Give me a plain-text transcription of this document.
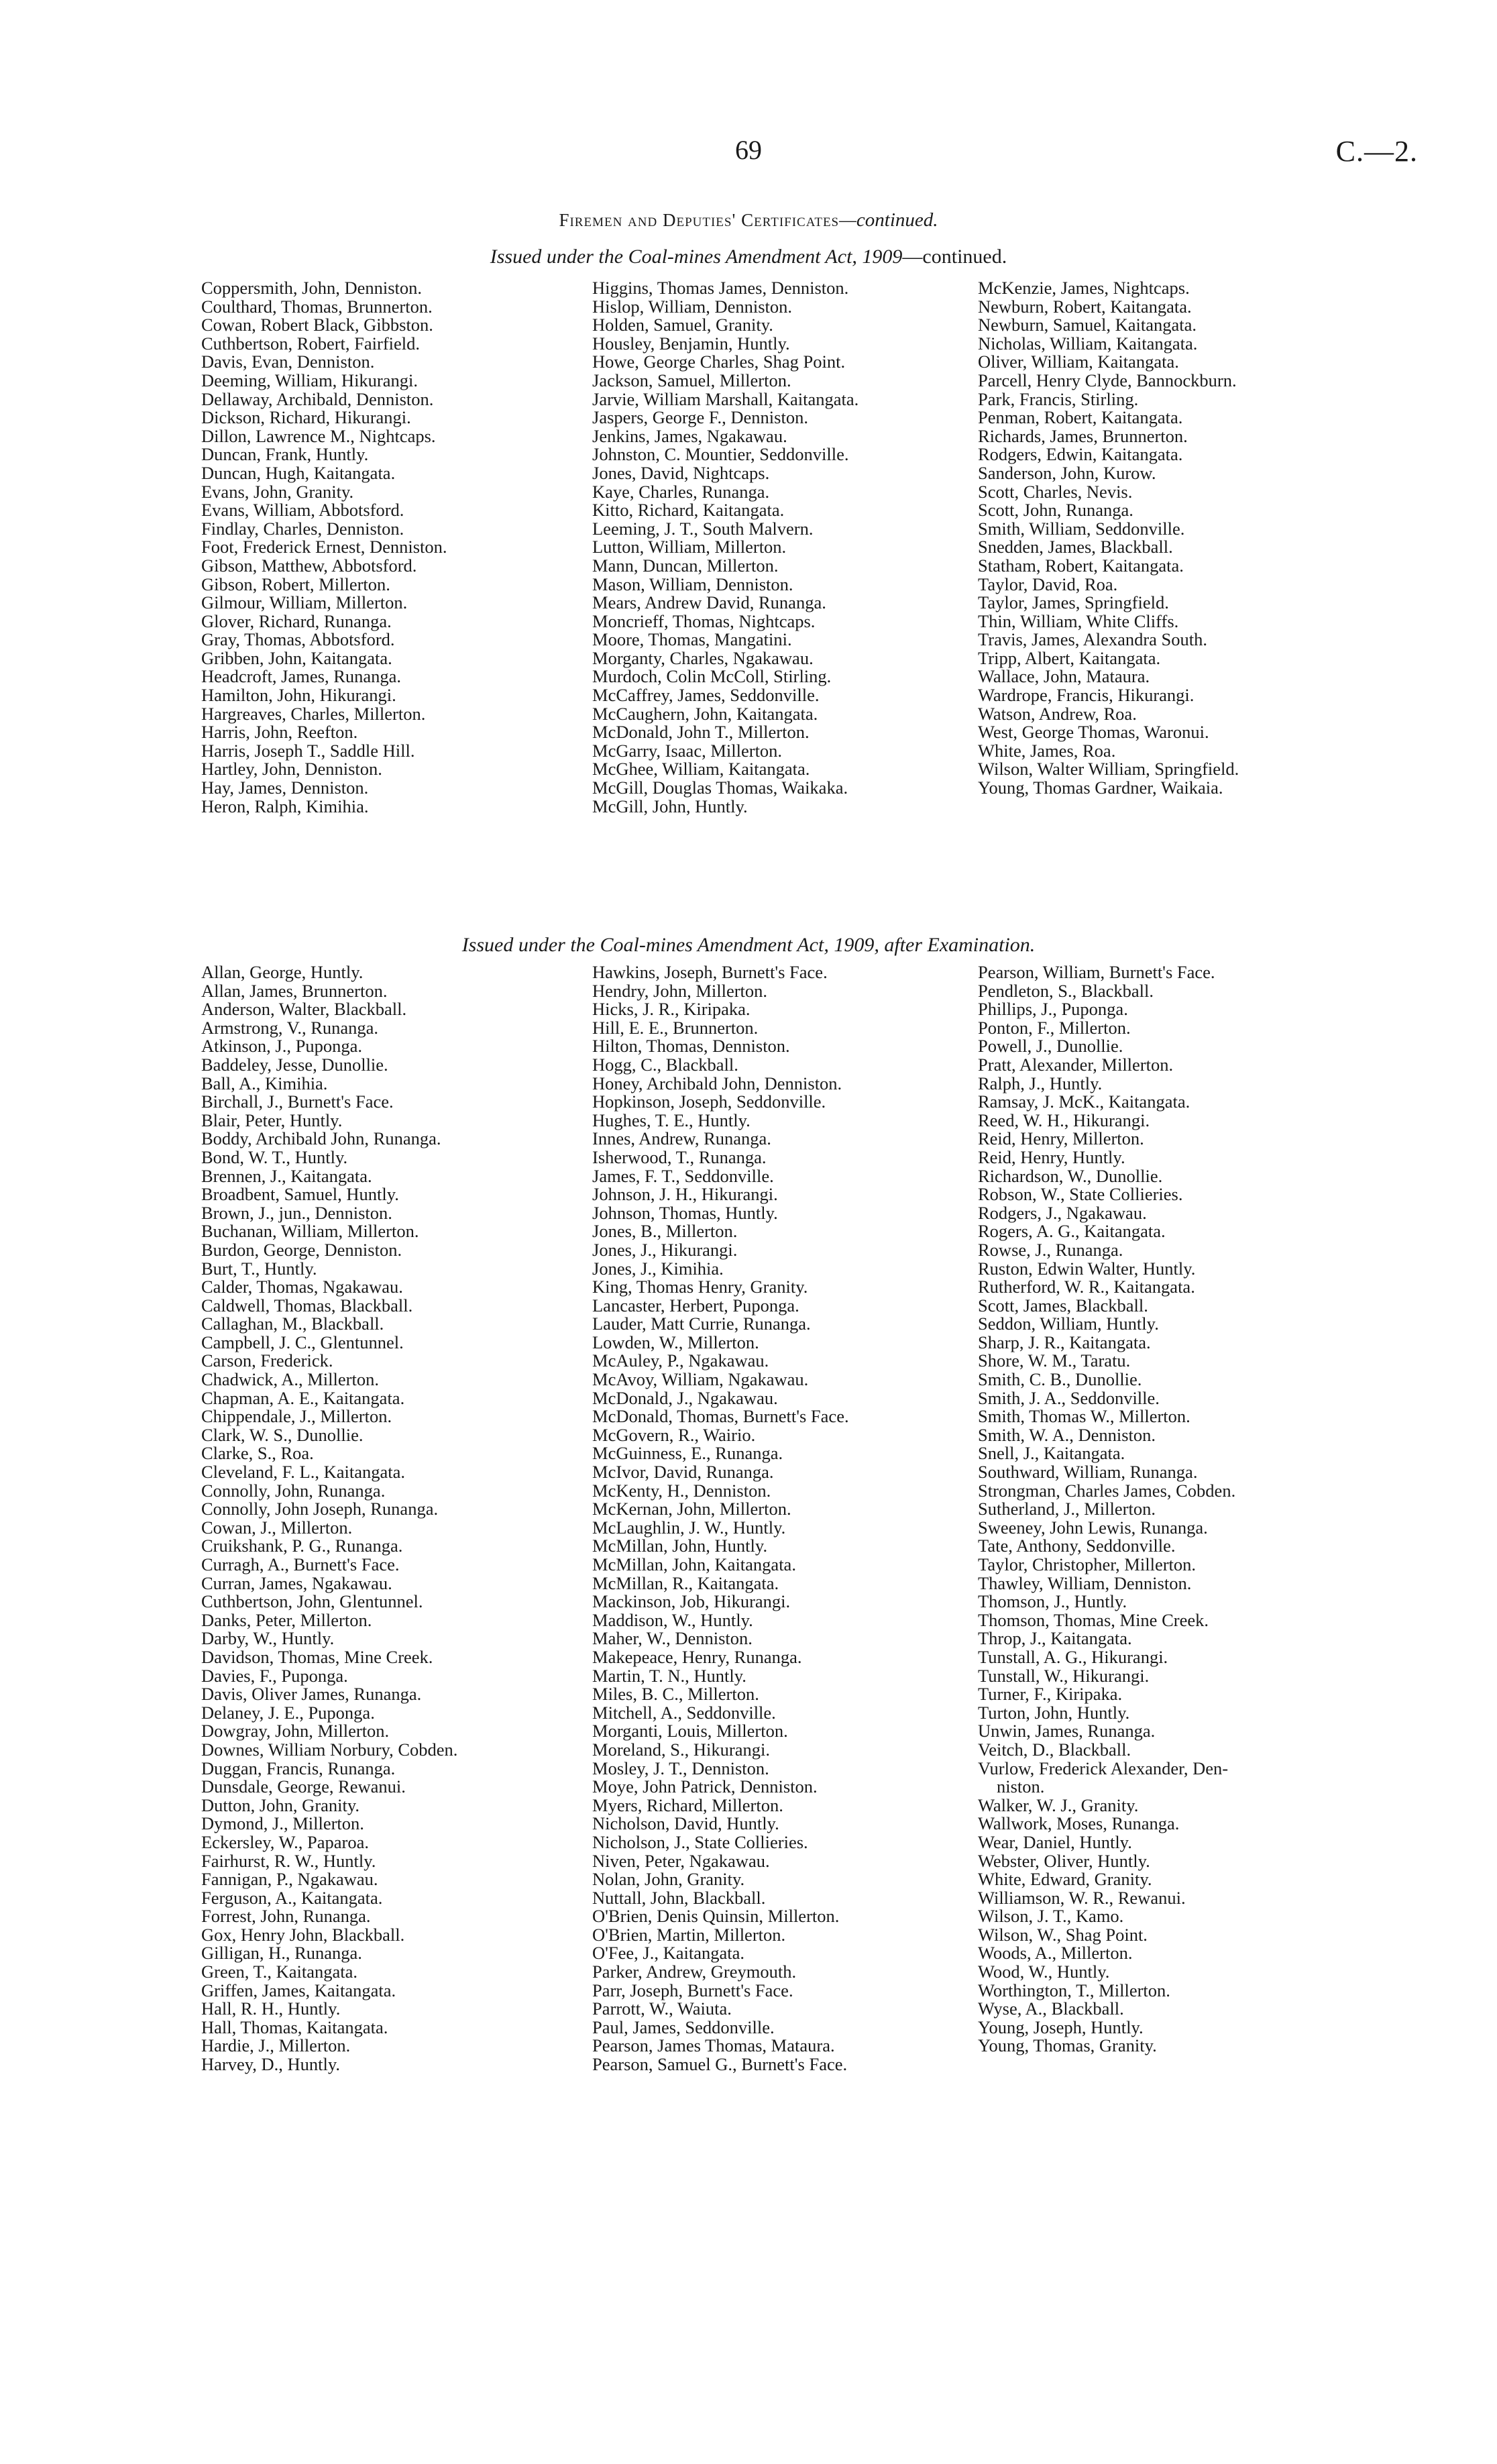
69	C.—2.
Firemen and Deputies' Certificates—continued.
Issued under the Coal-mines Amendment Act, 1909—continued.
Coppersmith, John, Denniston.
Coulthard, Thomas, Brunnerton.
Cowan, Robert Black, Gibbston.
Cuthbertson, Robert, Fairfield.
Davis, Evan, Denniston.
Deeming, William, Hikurangi.
Dellaway, Archibald, Denniston.
Dickson, Richard, Hikurangi.
Dillon, Lawrence M., Nightcaps.
Duncan, Frank, Huntly.
Duncan, Hugh, Kaitangata.
Evans, John, Granity.
Evans, William, Abbotsford.
Findlay, Charles, Denniston.
Foot, Frederick Ernest, Denniston.
Gibson, Matthew, Abbotsford.
Gibson, Robert, Millerton.
Gilmour, William, Millerton.
Glover, Richard, Runanga.
Gray, Thomas, Abbotsford.
Gribben, John, Kaitangata.
Headcroft, James, Runanga.
Hamilton, John, Hikurangi.
Hargreaves, Charles, Millerton.
Harris, John, Reefton.
Harris, Joseph T., Saddle Hill.
Hartley, John, Denniston.
Hay, James, Denniston.
Heron, Ralph, Kimihia.
Higgins, Thomas James, Denniston.
Hislop, William, Denniston.
Holden, Samuel, Granity.
Housley, Benjamin, Huntly.
Howe, George Charles, Shag Point.
Jackson, Samuel, Millerton.
Jarvie, William Marshall, Kaitangata.
Jaspers, George F., Denniston.
Jenkins, James, Ngakawau.
Johnston, C. Mountier, Seddonville.
Jones, David, Nightcaps.
Kaye, Charles, Runanga.
Kitto, Richard, Kaitangata.
Leeming, J. T., South Malvern.
Lutton, William, Millerton.
Mann, Duncan, Millerton.
Mason, William, Denniston.
Mears, Andrew David, Runanga.
Moncrieff, Thomas, Nightcaps.
Moore, Thomas, Mangatini.
Morganty, Charles, Ngakawau.
Murdoch, Colin McColl, Stirling.
McCaffrey, James, Seddonville.
McCaughern, John, Kaitangata.
McDonald, John T., Millerton.
McGarry, Isaac, Millerton.
McGhee, William, Kaitangata.
McGill, Douglas Thomas, Waikaka.
McGill, John, Huntly.
McKenzie, James, Nightcaps.
Newburn, Robert, Kaitangata.
Newburn, Samuel, Kaitangata.
Nicholas, William, Kaitangata.
Oliver, William, Kaitangata.
Parcell, Henry Clyde, Bannockburn.
Park, Francis, Stirling.
Penman, Robert, Kaitangata.
Richards, James, Brunnerton.
Rodgers, Edwin, Kaitangata.
Sanderson, John, Kurow.
Scott, Charles, Nevis.
Scott, John, Runanga.
Smith, William, Seddonville.
Snedden, James, Blackball.
Statham, Robert, Kaitangata.
Taylor, David, Roa.
Taylor, James, Springfield.
Thin, William, White Cliffs.
Travis, James, Alexandra South.
Tripp, Albert, Kaitangata.
Wallace, John, Mataura.
Wardrope, Francis, Hikurangi.
Watson, Andrew, Roa.
West, George Thomas, Waronui.
White, James, Roa.
Wilson, Walter William, Springfield.
Young, Thomas Gardner, Waikaia.
Issued under the Coal-mines Amendment Act, 1909, after Examination.
Allan, George, Huntly.
Allan, James, Brunnerton.
Anderson, Walter, Blackball.
Armstrong, V., Runanga.
Atkinson, J., Puponga.
Baddeley, Jesse, Dunollie.
Ball, A., Kimihia.
Birchall, J., Burnett's Face.
Blair, Peter, Huntly.
Boddy, Archibald John, Runanga.
Bond, W. T., Huntly.
Brennen, J., Kaitangata.
Broadbent, Samuel, Huntly.
Brown, J., jun., Denniston.
Buchanan, William, Millerton.
Burdon, George, Denniston.
Burt, T., Huntly.
Calder, Thomas, Ngakawau.
Caldwell, Thomas, Blackball.
Callaghan, M., Blackball.
Campbell, J. C., Glentunnel.
Carson, Frederick.
Chadwick, A., Millerton.
Chapman, A. E., Kaitangata.
Chippendale, J., Millerton.
Clark, W. S., Dunollie.
Clarke, S., Roa.
Cleveland, F. L., Kaitangata.
Connolly, John, Runanga.
Connolly, John Joseph, Runanga.
Cowan, J., Millerton.
Cruikshank, P. G., Runanga.
Curragh, A., Burnett's Face.
Curran, James, Ngakawau.
Cuthbertson, John, Glentunnel.
Danks, Peter, Millerton.
Darby, W., Huntly.
Davidson, Thomas, Mine Creek.
Davies, F., Puponga.
Davis, Oliver James, Runanga.
Delaney, J. E., Puponga.
Dowgray, John, Millerton.
Downes, William Norbury, Cobden.
Duggan, Francis, Runanga.
Dunsdale, George, Rewanui.
Dutton, John, Granity.
Dymond, J., Millerton.
Eckersley, W., Paparoa.
Fairhurst, R. W., Huntly.
Fannigan, P., Ngakawau.
Ferguson, A., Kaitangata.
Forrest, John, Runanga.
Gox, Henry John, Blackball.
Gilligan, H., Runanga.
Green, T., Kaitangata.
Griffen, James, Kaitangata.
Hall, R. H., Huntly.
Hall, Thomas, Kaitangata.
Hardie, J., Millerton.
Harvey, D., Huntly.
Hawkins, Joseph, Burnett's Face.
Hendry, John, Millerton.
Hicks, J. R., Kiripaka.
Hill, E. E., Brunnerton.
Hilton, Thomas, Denniston.
Hogg, C., Blackball.
Honey, Archibald John, Denniston.
Hopkinson, Joseph, Seddonville.
Hughes, T. E., Huntly.
Innes, Andrew, Runanga.
Isherwood, T., Runanga.
James, F. T., Seddonville.
Johnson, J. H., Hikurangi.
Johnson, Thomas, Huntly.
Jones, B., Millerton.
Jones, J., Hikurangi.
Jones, J., Kimihia.
King, Thomas Henry, Granity.
Lancaster, Herbert, Puponga.
Lauder, Matt Currie, Runanga.
Lowden, W., Millerton.
McAuley, P., Ngakawau.
McAvoy, William, Ngakawau.
McDonald, J., Ngakawau.
McDonald, Thomas, Burnett's Face.
McGovern, R., Wairio.
McGuinness, E., Runanga.
McIvor, David, Runanga.
McKenty, H., Denniston.
McKernan, John, Millerton.
McLaughlin, J. W., Huntly.
McMillan, John, Huntly.
McMillan, John, Kaitangata.
McMillan, R., Kaitangata.
Mackinson, Job, Hikurangi.
Maddison, W., Huntly.
Maher, W., Denniston.
Makepeace, Henry, Runanga.
Martin, T. N., Huntly.
Miles, B. C., Millerton.
Mitchell, A., Seddonville.
Morganti, Louis, Millerton.
Moreland, S., Hikurangi.
Mosley, J. T., Denniston.
Moye, John Patrick, Denniston.
Myers, Richard, Millerton.
Nicholson, David, Huntly.
Nicholson, J., State Collieries.
Niven, Peter, Ngakawau.
Nolan, John, Granity.
Nuttall, John, Blackball.
O'Brien, Denis Quinsin, Millerton.
O'Brien, Martin, Millerton.
O'Fee, J., Kaitangata.
Parker, Andrew, Greymouth.
Parr, Joseph, Burnett's Face.
Parrott, W., Waiuta.
Paul, James, Seddonville.
Pearson, James Thomas, Mataura.
Pearson, Samuel G., Burnett's Face.
Pearson, William, Burnett's Face.
Pendleton, S., Blackball.
Phillips, J., Puponga.
Ponton, F., Millerton.
Powell, J., Dunollie.
Pratt, Alexander, Millerton.
Ralph, J., Huntly.
Ramsay, J. McK., Kaitangata.
Reed, W. H., Hikurangi.
Reid, Henry, Millerton.
Reid, Henry, Huntly.
Richardson, W., Dunollie.
Robson, W., State Collieries.
Rodgers, J., Ngakawau.
Rogers, A. G., Kaitangata.
Rowse, J., Runanga.
Ruston, Edwin Walter, Huntly.
Rutherford, W. R., Kaitangata.
Scott, James, Blackball.
Seddon, William, Huntly.
Sharp, J. R., Kaitangata.
Shore, W. M., Taratu.
Smith, C. B., Dunollie.
Smith, J. A., Seddonville.
Smith, Thomas W., Millerton.
Smith, W. A., Denniston.
Snell, J., Kaitangata.
Southward, William, Runanga.
Strongman, Charles James, Cobden.
Sutherland, J., Millerton.
Sweeney, John Lewis, Runanga.
Tate, Anthony, Seddonville.
Taylor, Christopher, Millerton.
Thawley, William, Denniston.
Thomson, J., Huntly.
Thomson, Thomas, Mine Creek.
Throp, J., Kaitangata.
Tunstall, A. G., Hikurangi.
Tunstall, W., Hikurangi.
Turner, F., Kiripaka.
Turton, John, Huntly.
Unwin, James, Runanga.
Veitch, D., Blackball.
Vurlow, Frederick Alexander, Den-
niston.
Walker, W. J., Granity.
Wallwork, Moses, Runanga.
Wear, Daniel, Huntly.
Webster, Oliver, Huntly.
White, Edward, Granity.
Williamson, W. R., Rewanui.
Wilson, J. T., Kamo.
Wilson, W., Shag Point.
Woods, A., Millerton.
Wood, W., Huntly.
Worthington, T., Millerton.
Wyse, A., Blackball.
Young, Joseph, Huntly.
Young, Thomas, Granity.
